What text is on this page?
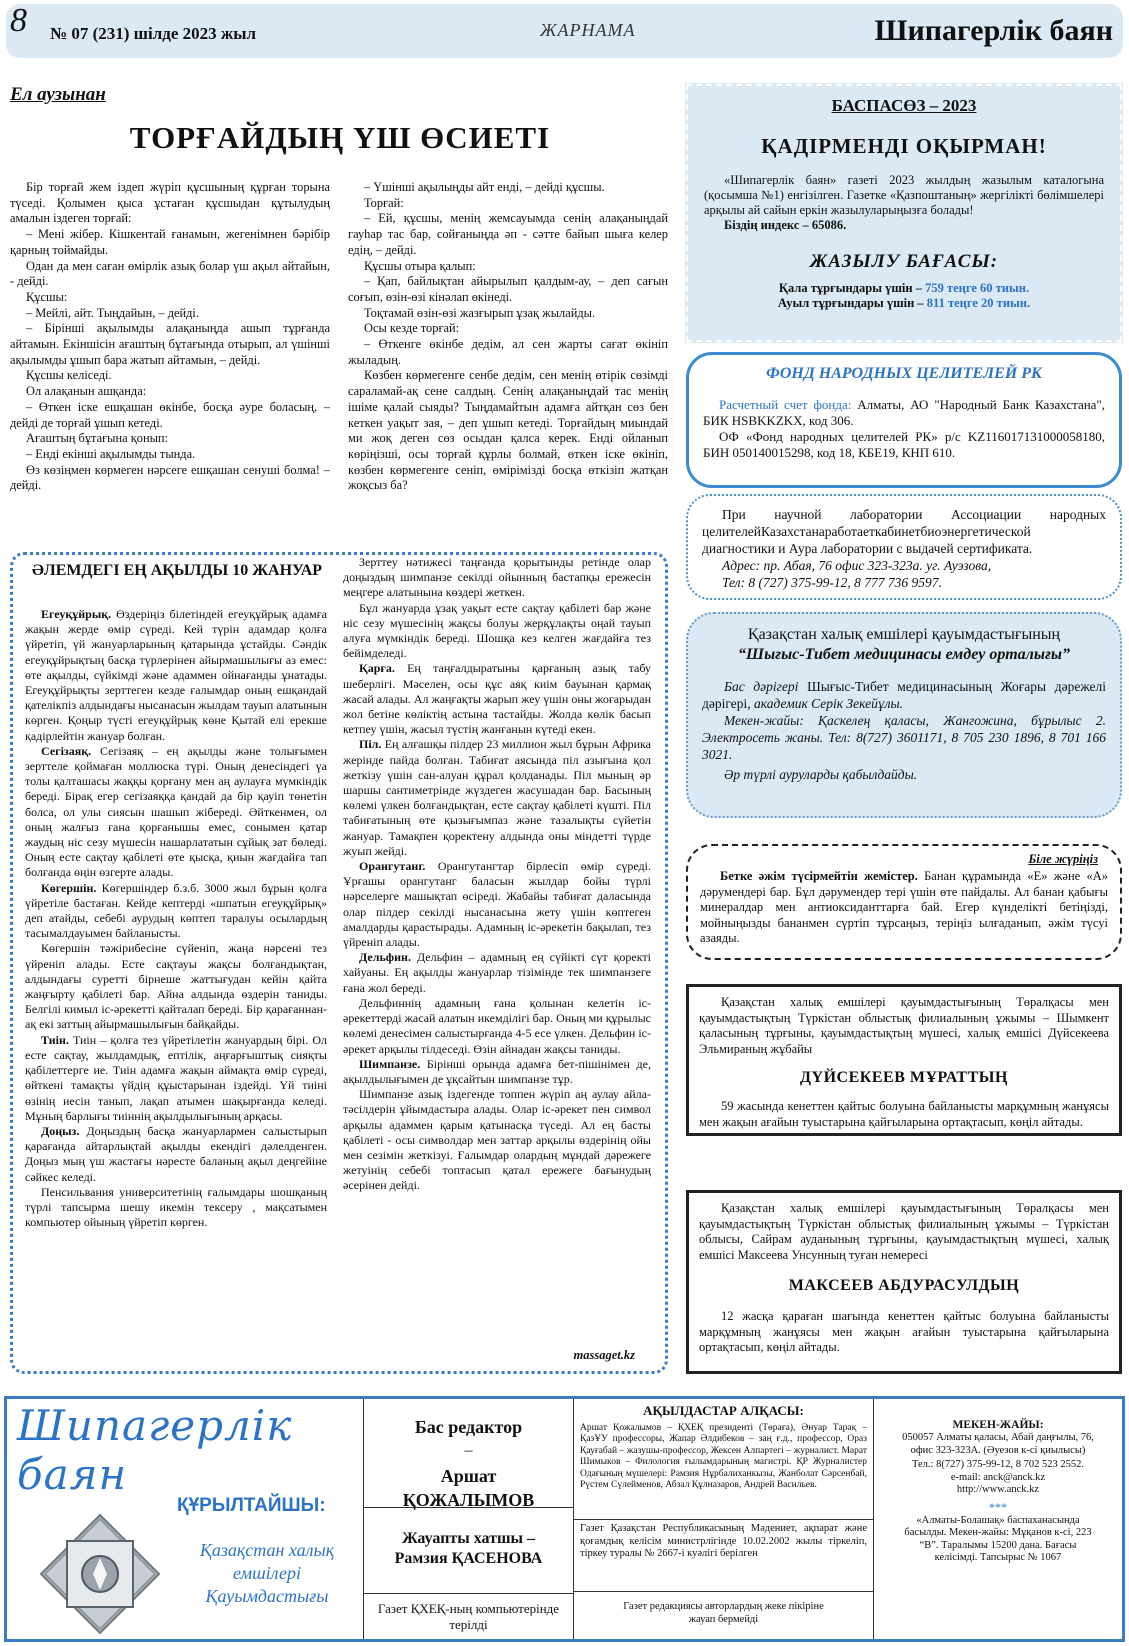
8 № 07 (231) шілде 2023 жыл	ЖАРНАМА	Шипагерлік баян
Ел аузынан
ТОРҒАЙДЫҢ ҮШ ӨСИЕТІ

Бір торғай жем іздеп жүріп құсшының құрған торына түседі. Қолымен қыса ұстаған құсшыдан құтылудың амалын іздеген торғай:

– Мені жібер. Кішкентай ғанамын, жегенімнен бәрібір қарның тоймайды.

Одан да мен саған өмірлік азық болар үш ақыл айтайын, - дейді.

Құсшы:

– Мейлі, айт. Тыңдайын, – дейді.

– Бірінші ақылымды алақаныңда ашып тұрғанда айтамын. Екіншісін ағаштың бұтағында отырып, ал үшінші ақылымды ұшып бара жатып айтамын, – дейді.

Құсшы келіседі.

Ол алақанын ашқанда:

– Өткен іске ешқашан өкінбе, босқа әуре боласың, – дейді де торғай ұшып кетеді.

Ағаштың бұтағына қонып:

– Енді екінші ақылымды тында.

Өз көзіңмен көрмеген нәрсеге ешқашан сенуші болма! – дейді.

– Үшінші ақылыңды айт енді, – дейді құсшы.

Торғай:

– Ей, құсшы, менің жемсауымда сенің алақаныңдай гауһар тас бар, сойғаныңда әп - сәтте байып шыға келер едің, – дейді.

Құсшы отыра қалып:

– Қап, байлықтан айырылып қалдым-ау, – деп сағын соғып, өзін-өзі кінәлап өкінеді.

Тоқтамай өзін-өзі жазғырып ұзақ жылайды.

Осы кезде торғай:

– Өткенге өкінбе дедім, ал сен жарты сағат өкініп жыладың.

Көзбен көрмегенге сенбе дедім, сен менің өтірік сөзімді сараламай-ақ сене салдың. Сенің алақаныңдай тас менің ішіме қалай сыяды? Тыңдамайтын адамға айтқан сөз бен кеткен уақыт зая, – деп ұшып кетеді. Торғайдың миындай ми жоқ деген сөз осыдан қалса керек. Енді ойланып көріңізші, осы торғай құрлы болмай, өткен іске өкініп, көзбен көрмегенге сеніп, өмірімізді босқа өткізіп жатқан жоқсыз ба?

ӘЛЕМДЕГІ ЕҢ АҚЫЛДЫ 10 ЖАНУАР

Егеуқұйрық. Өздеріңіз білетіндей егеуқұйрық адамға жақын жерде өмір сүреді. Кей түрін адамдар қолға үйретіп, үй жануарларының қатарында ұстайды. Сәндік егеуқұйрықтың басқа түрлерінен айырмашылығы аз емес: өте ақылды, сүйкімді және адаммен ойнағанды ұнатады. Егеуқұйрықты зерттеген кезде ғалымдар оның ешқандай қателікпіз алдындағы нысанасын жылдам тауып алатынын көрген. Қоңыр түсті егеуқұйрық көне Қытай елі ерекше қадірлейтін жануар болған.

Сегізаяқ. Сегізаяқ – ең ақылды және толығымен зерттеле қоймаған моллюска түрі. Оның денесіндегі үа толы қалташасы жаққы қорғану мен аң аулауға мүмкіндік береді. Бірақ егер сегізаяққа қандай да бір қауіп төнетін болса, ол улы сиясын шашып жібереді. Әйткенмен, ол оның жалғыз ғана қорғанышы емес, сонымен қатар жаудың ніс сезу мүшесін нашарлататын сұйық зат бөледі. Оның есте сақтау қабілеті өте қысқа, қиын жағдайға тап болғанда өңін өзгерте алады.

Көгершін. Көгершіндер б.з.б. 3000 жыл бұрын қолға үйретіле бастаған. Кейде кептерді «шпатын егеуқұйрық» деп атайды, себебі аурудың көптеп таралуы осылардың тасымалдауымен байланысты.

Көгершін тәжірибесіне сүйеніп, жаңа нәрсені тез үйреніп алады. Есте сақтауы жақсы болғандықтан, алдындағы суретті бірнеше жаттығудан кейін қайта жаңғырту қабілеті бар. Айна алдында өздерін таниды. Белгілі кимыл іс-әрекетті қайталап береді. Бір қарағаннан-ақ екі заттың айырмашылығын байқайды.

Тиін. Тиін – қолға тез үйретілетін жануардың бірі. Ол есте сақтау, жылдамдық, ептілік, аңғарғыштық сияқты қабілеттерге ие. Тиін адамға жақын аймақта өмір сүреді, өйткені тамақты үйдің құыстарынан іздейді. Үй тиіні өзінің иесін танып, лақап атымен шақырғанда келеді. Мұның барлығы тиіннің ақылдылығының арқасы.

Доңыз. Доңыздың басқа жануарлармен салыстырып қарағанда айтарлықтай ақылды екендігі дәлелденген. Доңыз мың үш жастағы нәресте баланың ақыл деңгейіне сәйкес келеді.

Пенсильвания университетінің ғалымдары шошқаның түрлі тапсырма шешу икемін тексеру , мақсатымен компьютер ойының үйретіп көрген.

Зерттеу нәтижесі таңғанда қорытынды ретінде олар доңыздың шимпанзе секілді ойынның бастапқы ережесін меңгере алатынына көздері жеткен.

Бұл жануарда ұзақ уақыт есте сақтау қабілеті бар және ніс сезу мүшесінің жақсы болуы жерқұлақты оңай тауып алуға мүмкіндік береді. Шошқа кез келген жағдайға тез бейімделеді.

Қарға. Ең таңғалдыратыны қарғаның азық табу шеберлігі. Мәселен, осы құс аяқ киім бауынан қармақ жасай алады. Ал жаңғақты жарып жеу үшін оны жоғарыдан жол бетіне көліктің астына тастайды. Жолда көлік басып кетпеу үшін, жасыл түстің жанғанын күтеді екен.

Піл. Ең алғашқы пілдер 23 миллион жыл бұрын Африка жерінде пайда болған. Табиғат аясында піл азығына қол жеткізу үшін сан-алуан құрал қолданады. Піл мының әр шаршы сантиметрінде жүздеген жасушадан бар. Басының көлемі үлкен болғандықтан, есте сақтау қабілеті күшті. Піл табиғатының өте қызығымпаз және тазалықты сүйетін жануар. Тамақпен қоректену алдында оны міндетті түрде жуып жейді.

Орангутанг. Орангутангтар бірлесіп өмір сүреді. Ұрғашы орангутанг баласын жылдар бойы түрлі нәрселерге машықтап өсіреді. Жабайы табиғат даласында олар пілдер секілді нысанасына жету үшін көптеген амалдарды қарастырады. Адамның іс-әрекетін бақылап, тез үйреніп алады.

Дельфин. Дельфин – адамның ең сүйікті сүт қоректі хайуаны. Ең ақылды жануарлар тізімінде тек шимпанзеге ғана жол береді.

Дельфиннің адамның ғана қолынан келетін іс-әрекеттерді жасай алатын икемділігі бар. Оның ми құрылыс көлемі денесімен салыстырғанда 4-5 есе үлкен. Дельфин іс-әрекет арқылы тілдеседі. Өзін айнадан жақсы таниды.

Шимпанзе. Бірінші орында адамға бет-пішінімен де, ақылдылығымен де ұқсайтын шимпанзе тұр.

Шимпанзе азық іздегенде топпен жүріп аң аулау айла-тәсілдерін ұйымдастыра алады. Олар іс-әрекет пен символ арқылы адаммен қарым қатынасқа түседі. Ал ең басты қабілеті - осы символдар мен заттар арқылы өздерінің ойы мен сезімін жеткізуі. Ғалымдар олардың мұндай дәрежеге жетуінің себебі топтасып қатал ережеге бағынудың әсерінен дейді.

massaget.kz
БАСПАСӨЗ – 2023
ҚАДІРМЕНДІ ОҚЫРМАН!
«Шипагерлік баян» газеті 2023 жылдың жазылым каталогына (қосымша №1) енгізілген. Газетке «Қазпоштаның» жергілікті бөлімшелері арқылы ай сайын еркін жазылуларыңызға болады!
Біздің индекс – 65086.
ЖАЗЫЛУ БАҒАСЫ:
Қала тұрғындары үшін – 759 теңге 60 тиын.
Ауыл тұрғындары үшін – 811 теңге 20 тиын.
ФОНД НАРОДНЫХ ЦЕЛИТЕЛЕЙ РК
Расчетный счет фонда: Алматы, АО "Народный Банк Казахстана", БИК HSBKKZKX, код 306.
ОФ «Фонд народных целителей РК» р/с KZ116017131000058180, БИН 050140015298, код 18, КБЕ19, КНП 610.
При научной лаборатории Ассоциации народных целителейКазахстанаработаеткабинетбиоэнергетической диагностики и Аура лаборатории с выдачей сертификата.
Адрес: пр. Абая, 76 офис 323-323а. уг. Ауэзова,
Тел: 8 (727) 375-99-12, 8 777 736 9597.
Қазақстан халық емшілері қауымдастығының
“Шығыс-Тибет медицинасы емдеу орталығы”
Бас дәрігері Шығыс-Тибет медицинасының Жоғары дәрежелі дәрігері, академик Серік Зекейұлы.
Мекен-жайы: Қаскелең қаласы, Жангожина, бұрылыс 2. Электросеть жаны. Тел: 8(727) 3601171, 8 705 230 1896, 8 701 166 3021.
Әр түрлі ауруларды қабылдайды.
Біле жүріңіз
Бетке әжім түсірмейтін жемістер. Банан құрамында «Е» және «А» дәрумендері бар. Бұл дәрумендер тері үшін өте пайдалы. Ал банан қабығы минералдар мен антиоксиданттарға бай. Егер күнделікті бетіңізді, мойныңызды бананмен сүртіп тұрсаңыз, теріңіз ылғаданып, әжім түсуі азаяды.
Қазақстан халық емшілері қауымдастығының Төралқасы мен қауымдастықтың Түркістан облыстық филиалының ұжымы – Шымкент қаласының тұрғыны, қауымдастықтың мүшесі, халық емшісі Дүйсекеева Эльмираның жұбайы
ДҮЙСЕКЕЕВ МҰРАТТЫҢ
59 жасында кенеттен қайтыс болуына байланысты марқұмның жанұясы мен жақын ағайын туыстарына қайғыларына ортақтасып, көңіл айтады.
Қазақстан халық емшілері қауымдастығының Төралқасы мен қауымдастықтың Түркістан облыстық филиалының ұжымы – Түркістан облысы, Сайрам ауданының тұрғыны, қауымдастықтың мүшесі, халық емшісі Максеева Унсунның туған немересі
МАКСЕЕВ АБДУРАСУЛДЫҢ
12 жасқа қараған шағында кенеттен қайтыс болуына байланысты марқұмның жанұясы мен жақын ағайын туыстарына қайғыларына ортақтасып, көңіл айтады.
Шипагерлік баян
ҚҰРЫЛТАЙШЫ:
Қазақстан халық емшілері Қауымдастығы
Бас редактор
–
Аршат ҚОЖАЛЫМОВ
Жауапты хатшы – Рамзия ҚАСЕНОВА
Газет ҚХЕҚ-ның компьютерінде терілді
АҚЫЛДАСТАР АЛҚАСЫ:
Аршат Қожалымов – ҚХЕҚ президенті (Төраға), Әнуар Тарақ – ҚазҰУ профессоры, Жапар Әлдибеков – заң ғ.д., профессор, Ораз Қауғабай – жазушы-профессор, Жексен Алпартегі – журналист. Марат Шимыков – Филология ғылымдарының магистрі. ҚР Журналистер Одағының мүшелері: Рамзия Нұрбалиханкызы, Жанболат Сәрсенбай, Рүстем Сүлейменов, Абзал Құлназаров, Андрей Васильев.
Газет Қазақстан Республикасының Мәдениет, ақпарат және қоғамдық келісім министрлігінде 10.02.2002 жылы тіркеліп, тіркеу туралы № 2667-і куәлігі берілген
Газет редакциясы авторлардың жеке пікіріне жауап бермейді
МЕКЕН-ЖАЙЫ:
050057 Алматы қаласы, Абай даңғылы, 76, офис 323-323А. (Әуезов к-сі қиылысы)
Тел.: 8(727) 375-99-12, 8 702 523 2552.
e-mail: anck@anck.kz
http://www.anck.kz
***
«Алматы-Болашақ» баспаханасында басылды. Мекен-жайы: Мұқанов к-сі, 223 “В”. Таралымы 15200 дана. Бағасы келісімді. Тапсырыс № 1067
